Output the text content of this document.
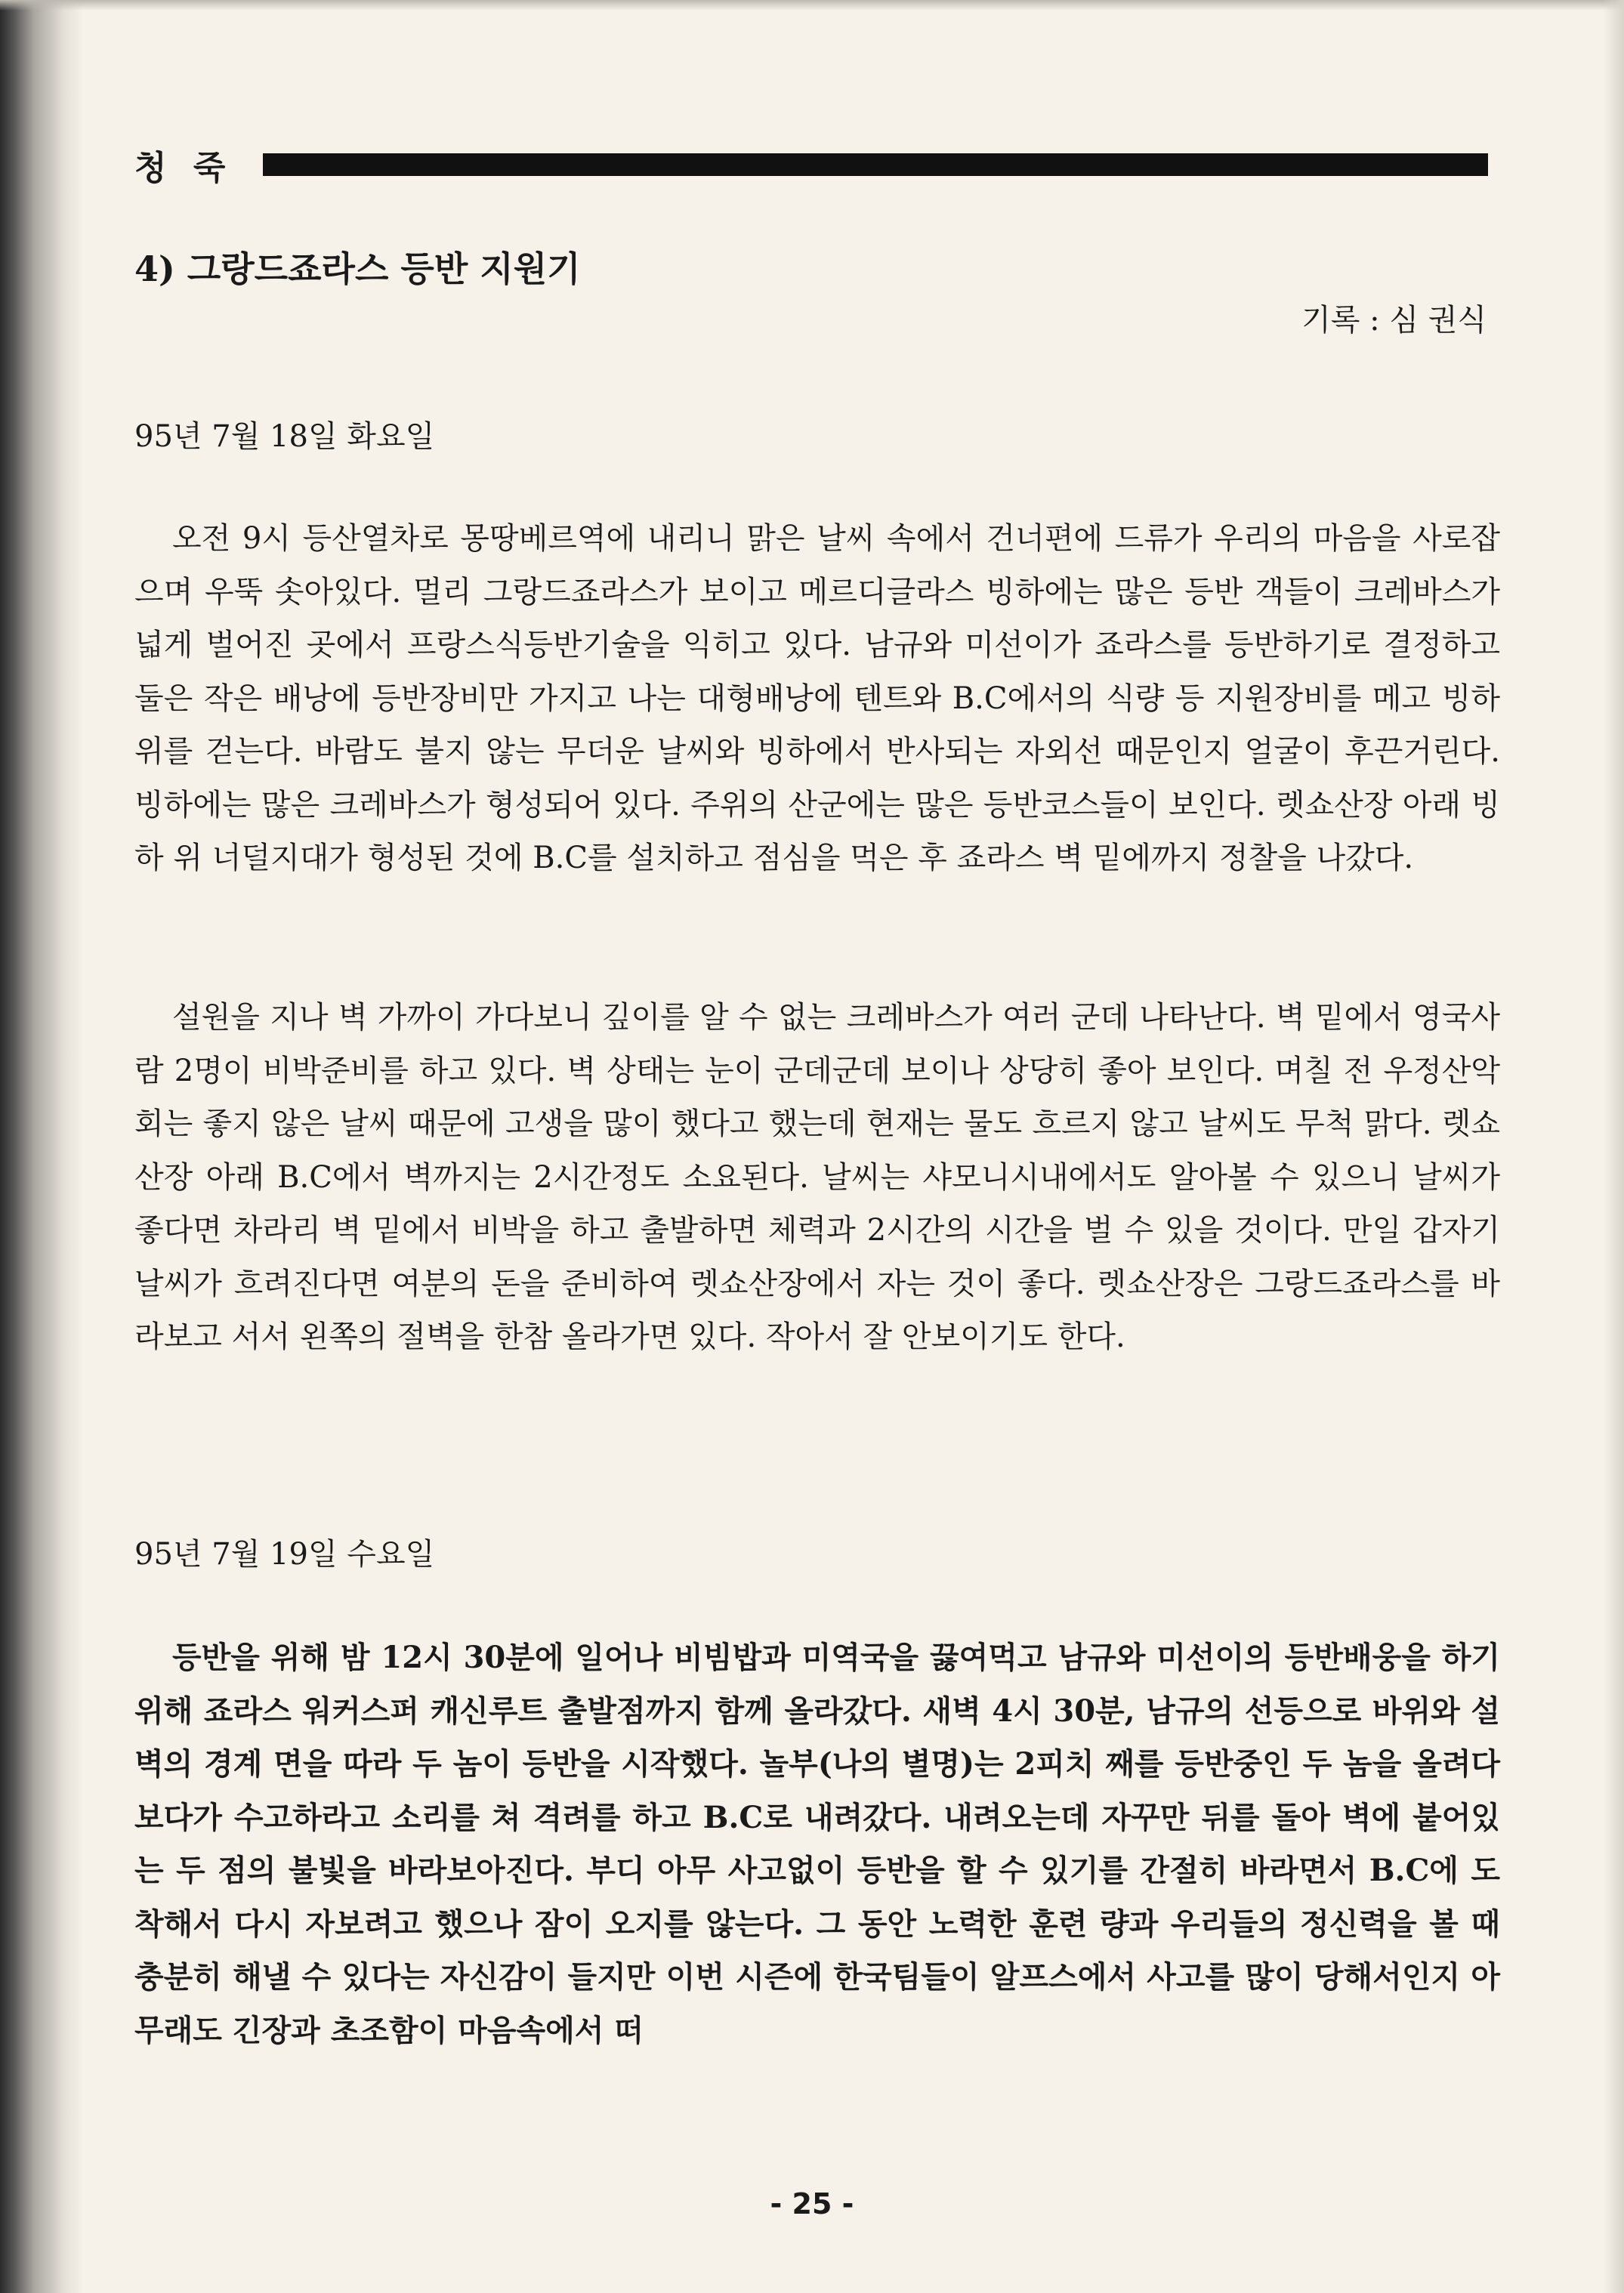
청 죽
4) 그랑드죠라스 등반 지원기
기록 : 심 권식
95년 7월 18일 화요일

오전 9시 등산열차로 몽땅베르역에 내리니 맑은 날씨 속에서 건너편에 드류가 우리의 마음을 사로잡으며 우뚝 솟아있다. 멀리 그랑드죠라스가 보이고 메르디글라스 빙하에는 많은 등반 객들이 크레바스가 넓게 벌어진 곳에서 프랑스식등반기술을 익히고 있다. 남규와 미선이가 죠라스를 등반하기로 결정하고 둘은 작은 배낭에 등반장비만 가지고 나는 대형배낭에 텐트와 B.C에서의 식량 등 지원장비를 메고 빙하 위를 걷는다. 바람도 불지 않는 무더운 날씨와 빙하에서 반사되는 자외선 때문인지 얼굴이 후끈거린다. 빙하에는 많은 크레바스가 형성되어 있다. 주위의 산군에는 많은 등반코스들이 보인다. 렛쇼산장 아래 빙하 위 너덜지대가 형성된 것에 B.C를 설치하고 점심을 먹은 후 죠라스 벽 밑에까지 정찰을 나갔다.

설원을 지나 벽 가까이 가다보니 깊이를 알 수 없는 크레바스가 여러 군데 나타난다. 벽 밑에서 영국사람 2명이 비박준비를 하고 있다. 벽 상태는 눈이 군데군데 보이나 상당히 좋아 보인다. 며칠 전 우정산악회는 좋지 않은 날씨 때문에 고생을 많이 했다고 했는데 현재는 물도 흐르지 않고 날씨도 무척 맑다. 렛쇼산장 아래 B.C에서 벽까지는 2시간정도 소요된다. 날씨는 샤모니시내에서도 알아볼 수 있으니 날씨가 좋다면 차라리 벽 밑에서 비박을 하고 출발하면 체력과 2시간의 시간을 벌 수 있을 것이다. 만일 갑자기 날씨가 흐려진다면 여분의 돈을 준비하여 렛쇼산장에서 자는 것이 좋다. 렛쇼산장은 그랑드죠라스를 바라보고 서서 왼쪽의 절벽을 한참 올라가면 있다. 작아서 잘 안보이기도 한다.

95년 7월 19일 수요일

등반을 위해 밤 12시 30분에 일어나 비빔밥과 미역국을 끓여먹고 남규와 미선이의 등반배웅을 하기 위해 죠라스 워커스퍼 캐신루트 출발점까지 함께 올라갔다. 새벽 4시 30분, 남규의 선등으로 바위와 설벽의 경계 면을 따라 두 놈이 등반을 시작했다. 놀부(나의 별명)는 2피치 째를 등반중인 두 놈을 올려다보다가 수고하라고 소리를 쳐 격려를 하고 B.C로 내려갔다. 내려오는데 자꾸만 뒤를 돌아 벽에 붙어있는 두 점의 불빛을 바라보아진다. 부디 아무 사고없이 등반을 할 수 있기를 간절히 바라면서 B.C에 도착해서 다시 자보려고 했으나 잠이 오지를 않는다. 그 동안 노력한 훈련 량과 우리들의 정신력을 볼 때 충분히 해낼 수 있다는 자신감이 들지만 이번 시즌에 한국팀들이 알프스에서 사고를 많이 당해서인지 아무래도 긴장과 초조함이 마음속에서 떠

- 25 -
